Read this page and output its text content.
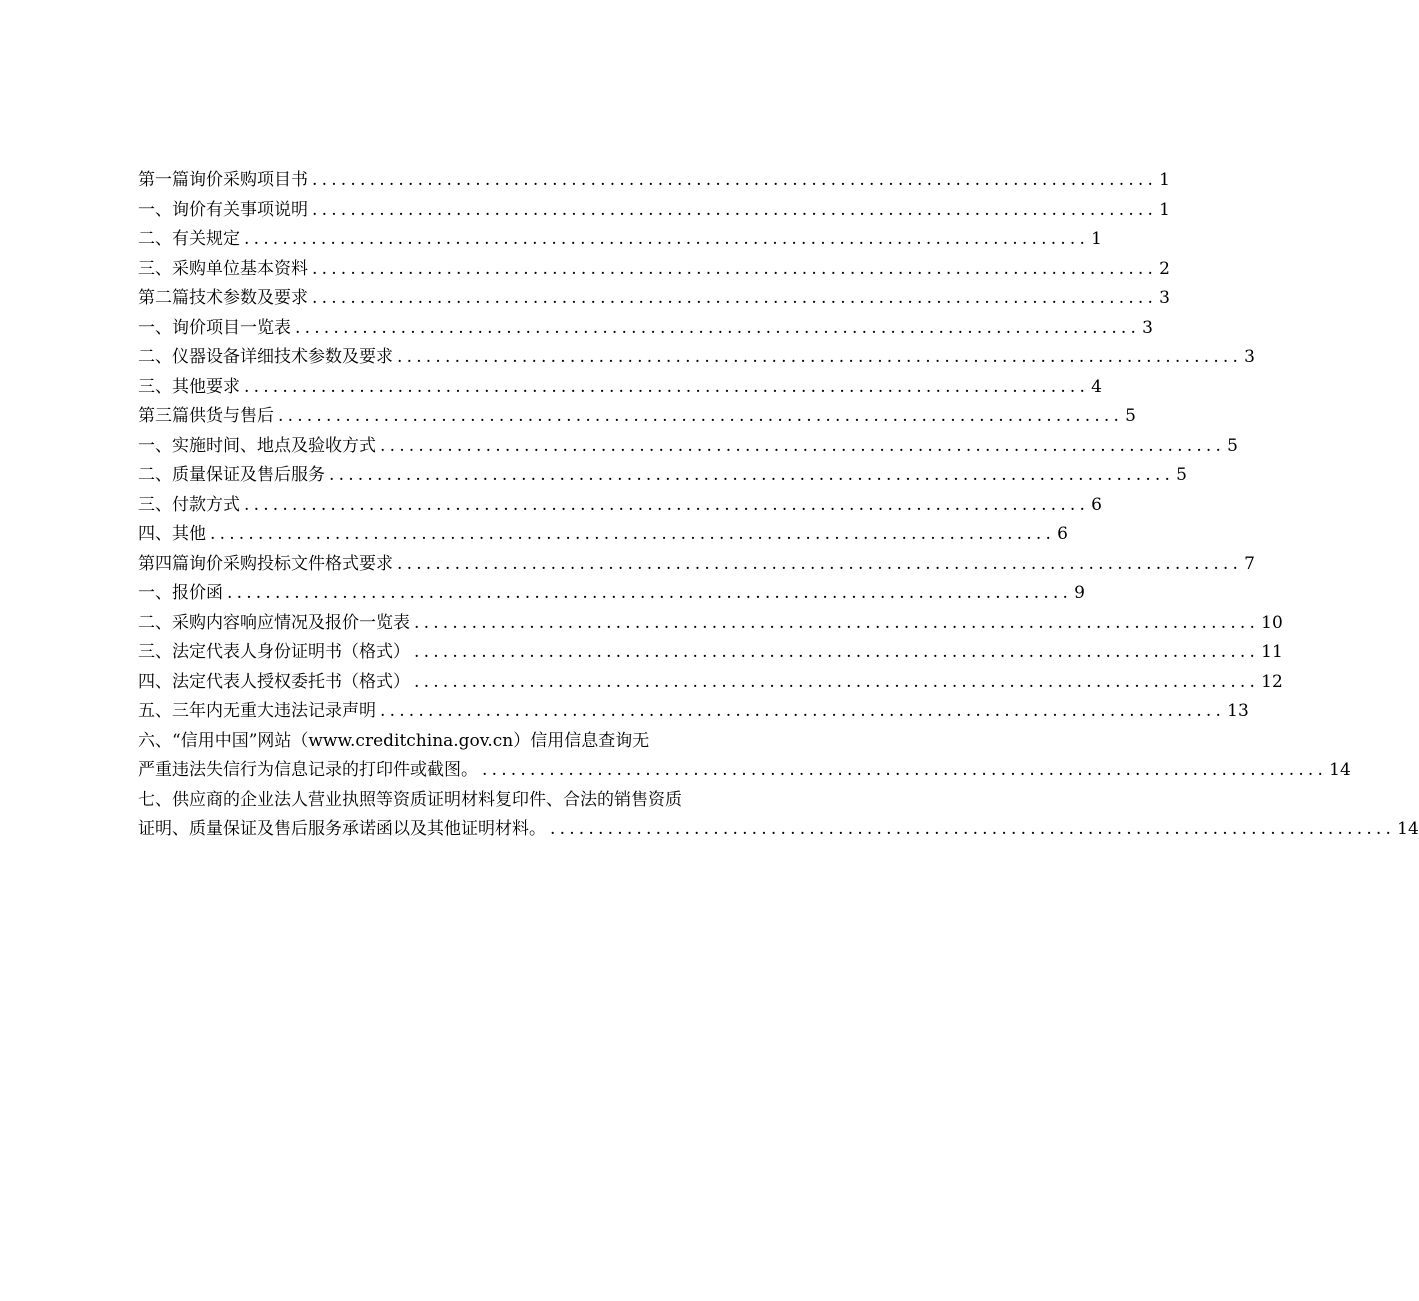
第一篇询价采购项目书 ........................................................................................ 1
一、询价有关事项说明 ........................................................................................ 1
二、有关规定 ........................................................................................ 1
三、采购单位基本资料 ........................................................................................ 2
第二篇技术参数及要求 ........................................................................................ 3
一、询价项目一览表 ........................................................................................ 3
二、仪器设备详细技术参数及要求 ........................................................................................ 3
三、其他要求 ........................................................................................ 4
第三篇供货与售后 ........................................................................................ 5
一、实施时间、地点及验收方式 ........................................................................................ 5
二、质量保证及售后服务 ........................................................................................ 5
三、付款方式 ........................................................................................ 6
四、其他 ........................................................................................ 6
第四篇询价采购投标文件格式要求 ........................................................................................ 7
一、报价函 ........................................................................................ 9
二、采购内容响应情况及报价一览表 ........................................................................................ 10
三、法定代表人身份证明书（格式） ........................................................................................ 11
四、法定代表人授权委托书（格式） ........................................................................................ 12
五、三年内无重大违法记录声明 ........................................................................................ 13
六、“信用中国”网站（www.creditchina.gov.cn）信用信息查询无
严重违法失信行为信息记录的打印件或截图。 ........................................................................................ 14
七、供应商的企业法人营业执照等资质证明材料复印件、合法的销售资质
证明、质量保证及售后服务承诺函以及其他证明材料。 ........................................................................................ 14
